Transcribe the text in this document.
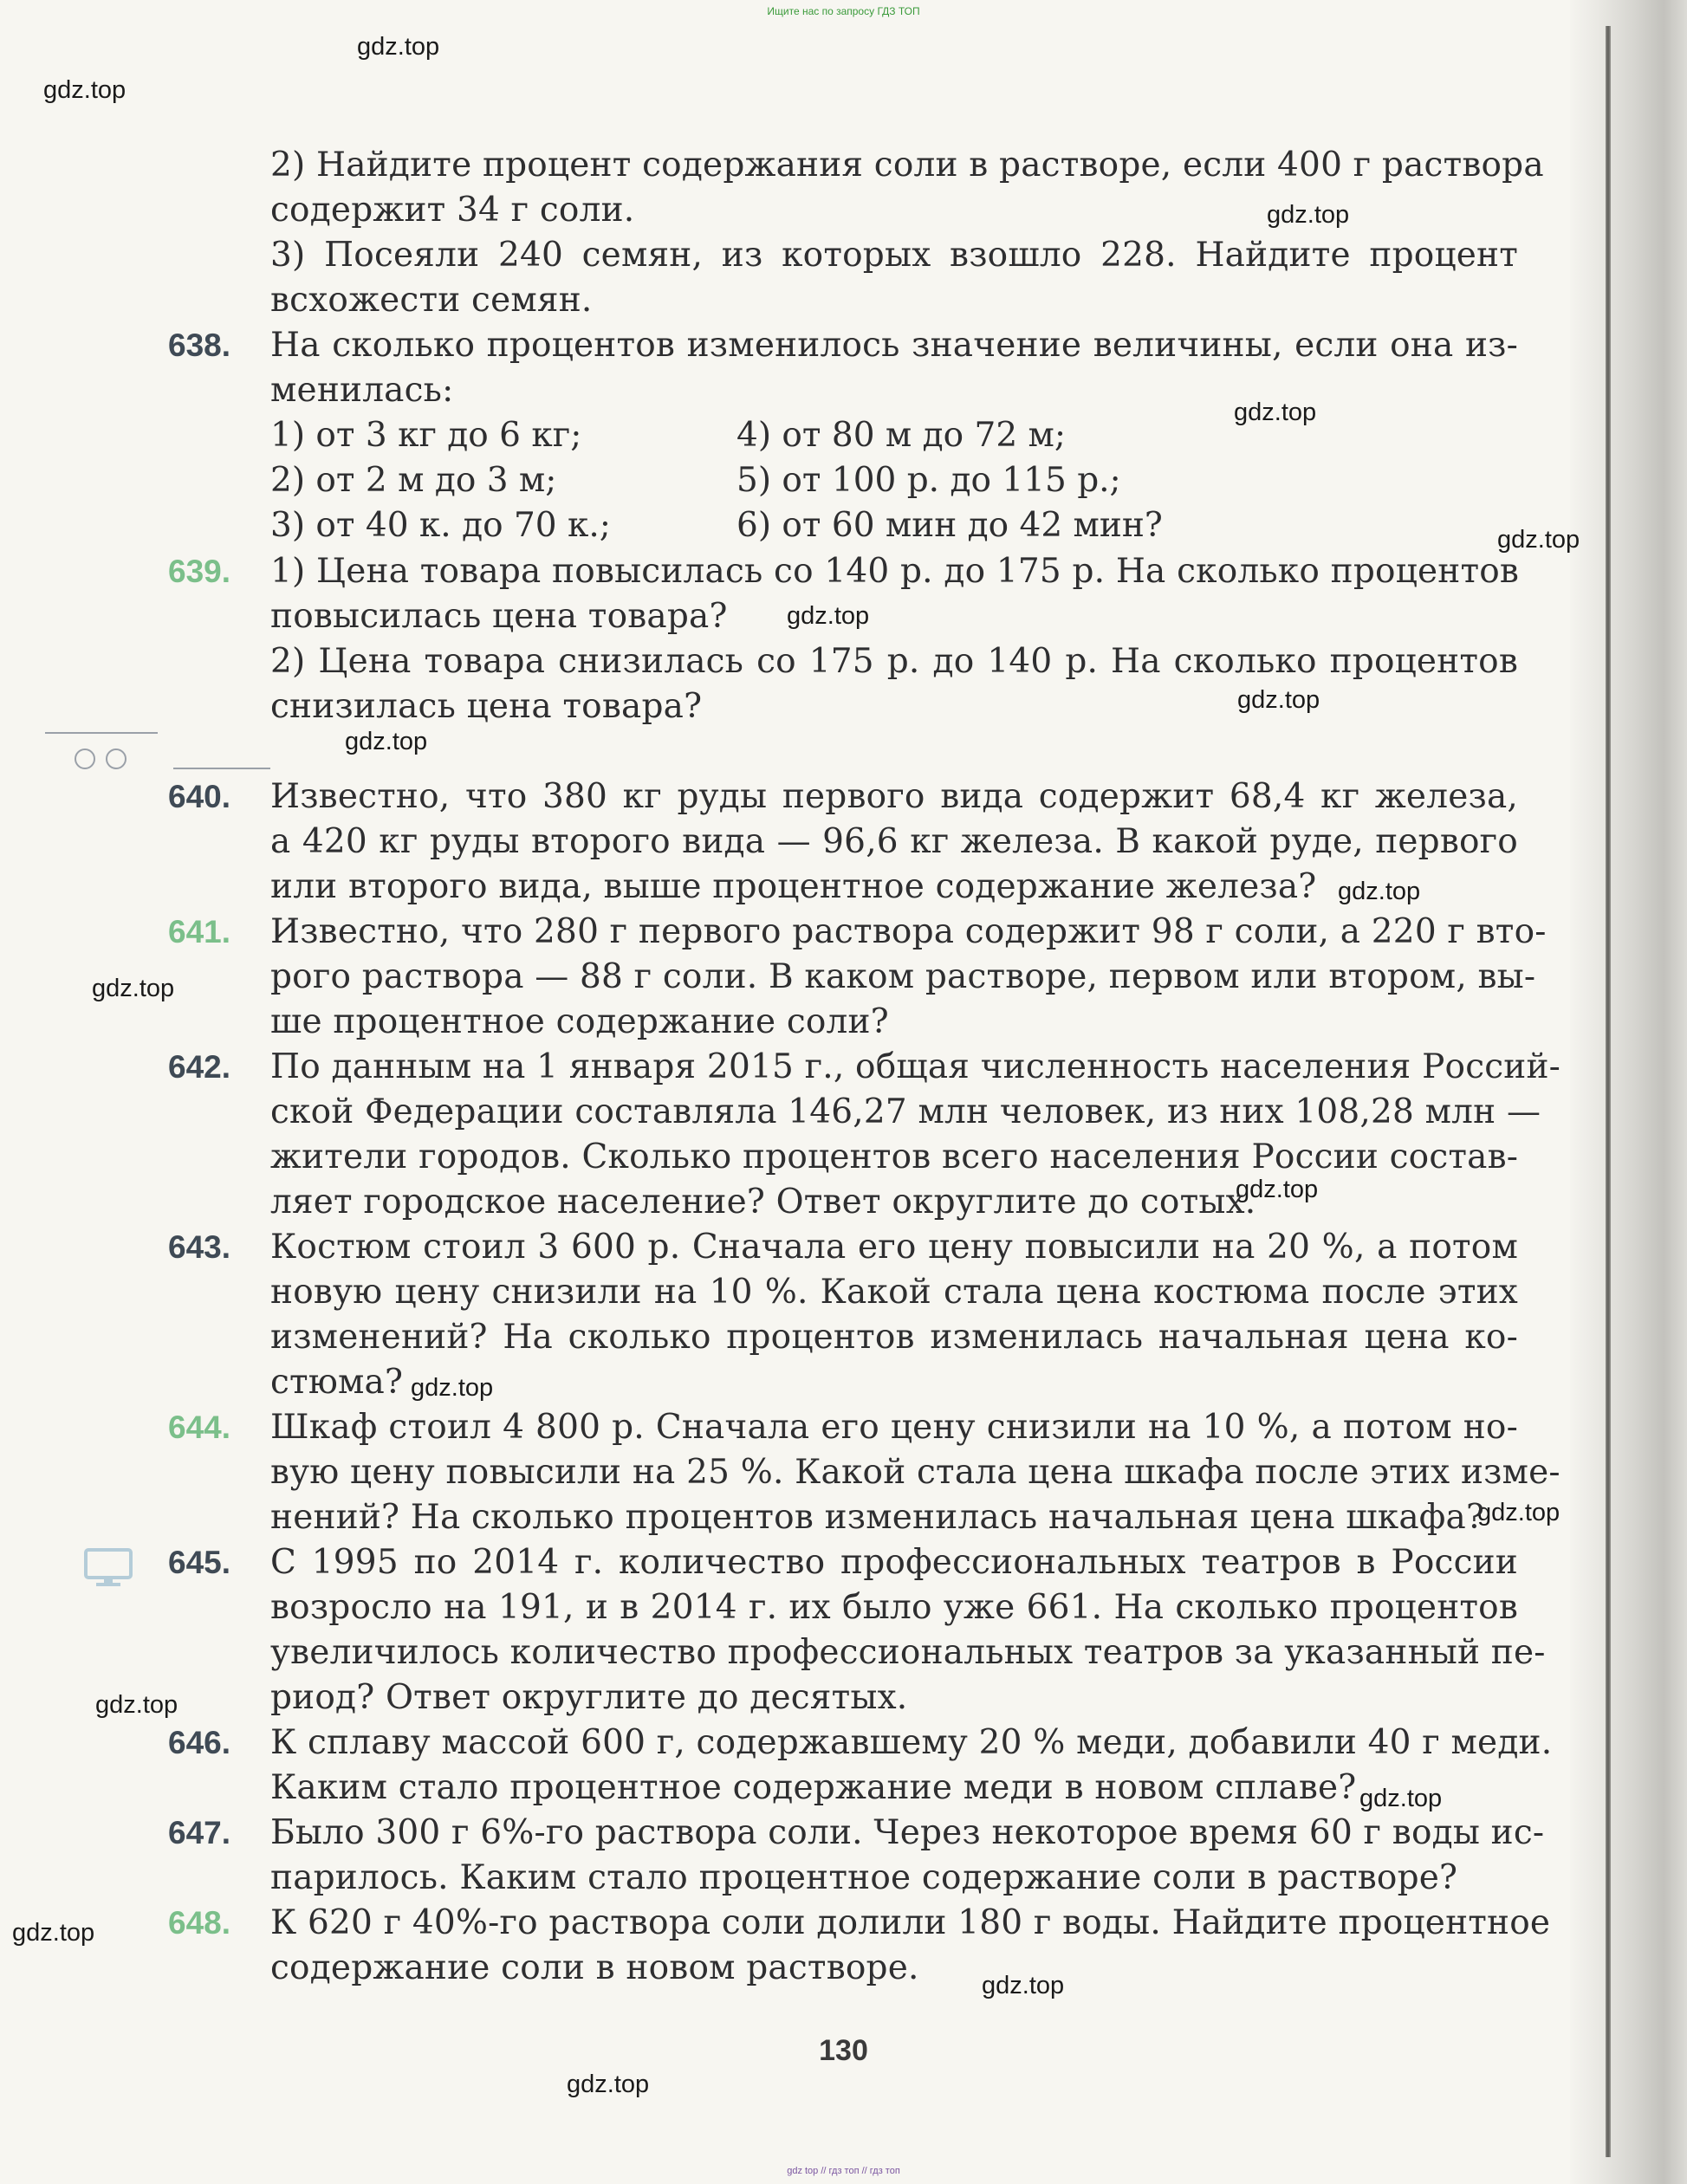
Ищите нас по запросу ГДЗ ТОП
gdz.top
gdz.top
gdz.top
gdz.top
gdz.top
gdz.top
gdz.top
gdz.top
gdz.top
gdz.top
gdz.top
gdz.top
gdz.top
gdz.top
gdz.top
gdz.top
gdz.top
gdz.top
2) Найдите процент содержания соли в растворе, если 400 г раствора
содержит 34 г соли.
3) Посеяли 240 семян, из которых взошло 228. Найдите процент
всхожести семян.
638.	На сколько процентов изменилось значение величины, если она из-
менилась:
1) от 3 кг до 6 кг;
2) от 2 м до 3 м;
3) от 40 к. до 70 к.;
4) от 80 м до 72 м;
5) от 100 р. до 115 р.;
6) от 60 мин до 42 мин?
639.	1) Цена товара повысилась со 140 р. до 175 р. На сколько процентов
повысилась цена товара?
2) Цена товара снизилась со 175 р. до 140 р. На сколько процентов
снизилась цена товара?
640.	Известно, что 380 кг руды первого вида содержит 68,4 кг железа,
а 420 кг руды второго вида — 96,6 кг железа. В какой руде, первого
или второго вида, выше процентное содержание железа?
641.	Известно, что 280 г первого раствора содержит 98 г соли, а 220 г вто-
рого раствора — 88 г соли. В каком растворе, первом или втором, вы-
ше процентное содержание соли?
642.	По данным на 1 января 2015 г., общая численность населения Россий-
ской Федерации составляла 146,27 млн человек, из них 108,28 млн —
жители городов. Сколько процентов всего населения России состав-
ляет городское население? Ответ округлите до сотых.
643.	Костюм стоил 3 600 р. Сначала его цену повысили на 20 %, а потом
новую цену снизили на 10 %. Какой стала цена костюма после этих
изменений? На сколько процентов изменилась начальная цена ко-
стюма?
644.	Шкаф стоил 4 800 р. Сначала его цену снизили на 10 %, а потом но-
вую цену повысили на 25 %. Какой стала цена шкафа после этих изме-
нений? На сколько процентов изменилась начальная цена шкафа?
645.	С 1995 по 2014 г. количество профессиональных театров в России
возросло на 191, и в 2014 г. их было уже 661. На сколько процентов
увеличилось количество профессиональных театров за указанный пе-
риод? Ответ округлите до десятых.
646.	К сплаву массой 600 г, содержавшему 20 % меди, добавили 40 г меди.
Каким стало процентное содержание меди в новом сплаве?
647.	Было 300 г 6%-го раствора соли. Через некоторое время 60 г воды ис-
парилось. Каким стало процентное содержание соли в растворе?
648.	К 620 г 40%-го раствора соли долили 180 г воды. Найдите процентное
содержание соли в новом растворе.
130
gdz top // гдз топ // гдз топ
